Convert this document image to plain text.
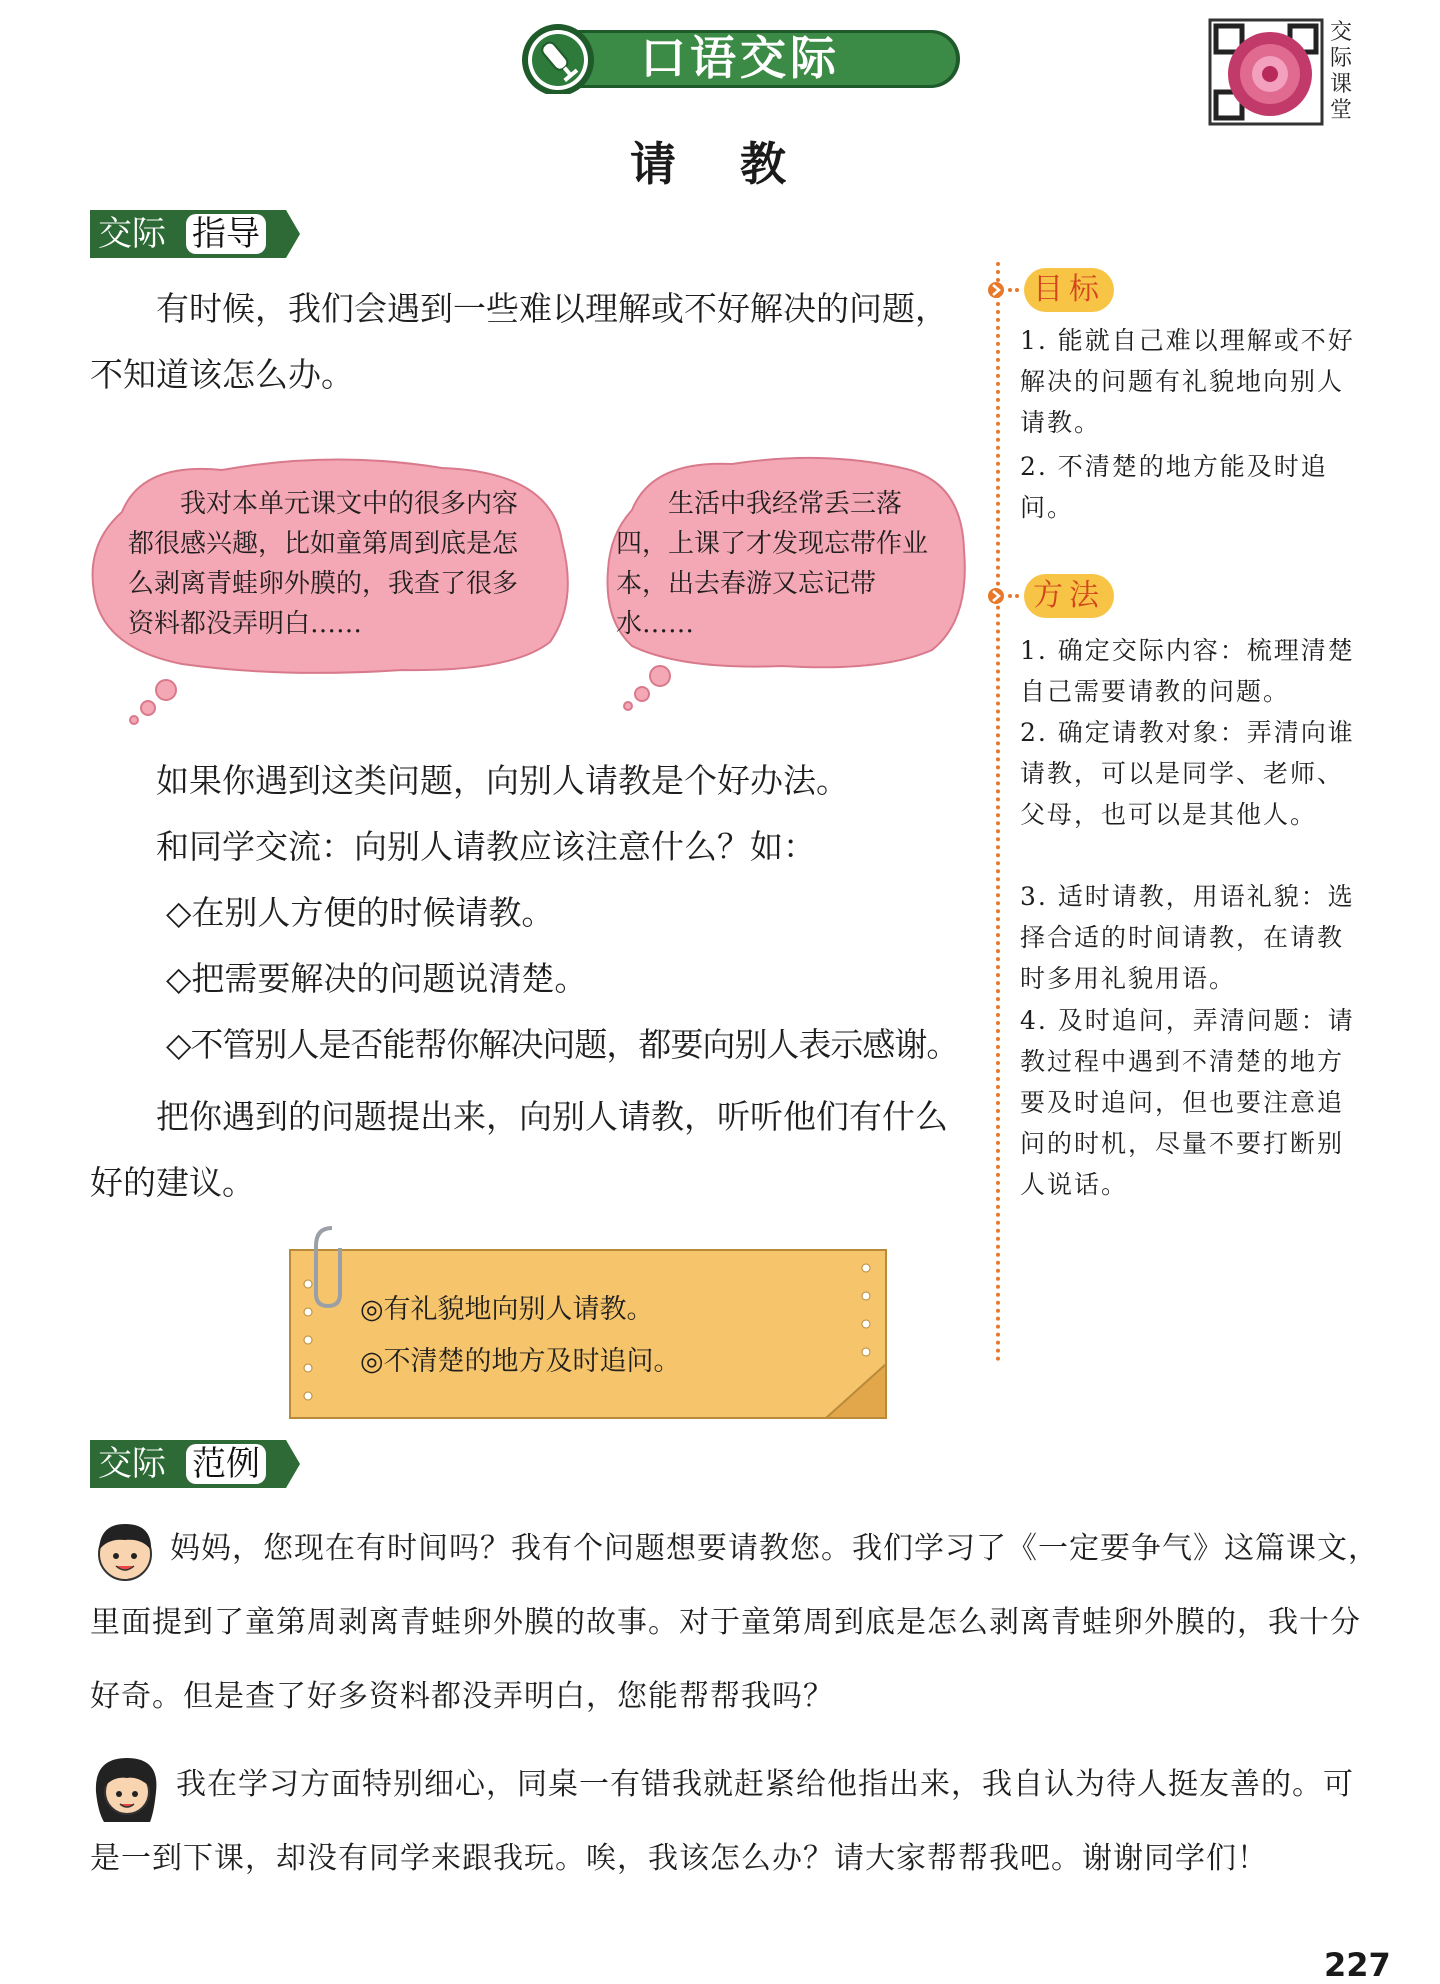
口语交际	交际课堂
请 教
交际 指导
有时候，我们会遇到一些难以理解或不好解决的问题，不知道该怎么办。
我对本单元课文中的很多内容都很感兴趣，比如童第周到底是怎么剥离青蛙卵外膜的，我查了很多资料都没弄明白……
生活中我经常丢三落四，上课了才发现忘带作业本，出去春游又忘记带水……
如果你遇到这类问题，向别人请教是个好办法。
和同学交流：向别人请教应该注意什么？如：
◇在别人方便的时候请教。
◇把需要解决的问题说清楚。
◇不管别人是否能帮你解决问题，都要向别人表示感谢。
把你遇到的问题提出来，向别人请教，听听他们有什么好的建议。
◎有礼貌地向别人请教。
◎不清楚的地方及时追问。
目标
1. 能就自己难以理解或不好解决的问题有礼貌地向别人请教。
2. 不清楚的地方能及时追问。
方法
1. 确定交际内容：梳理清楚自己需要请教的问题。
2. 确定请教对象：弄清向谁请教，可以是同学、老师、父母，也可以是其他人。
3. 适时请教，用语礼貌：选择合适的时间请教，在请教时多用礼貌用语。
4. 及时追问，弄清问题：请教过程中遇到不清楚的地方要及时追问，但也要注意追问的时机，尽量不要打断别人说话。
交际 范例
妈妈，您现在有时间吗？我有个问题想要请教您。我们学习了《一定要争气》这篇课文，里面提到了童第周剥离青蛙卵外膜的故事。对于童第周到底是怎么剥离青蛙卵外膜的，我十分好奇。但是查了好多资料都没弄明白，您能帮帮我吗？
我在学习方面特别细心，同桌一有错我就赶紧给他指出来，我自认为待人挺友善的。可是一到下课，却没有同学来跟我玩。唉，我该怎么办？请大家帮帮我吧。谢谢同学们！
227
